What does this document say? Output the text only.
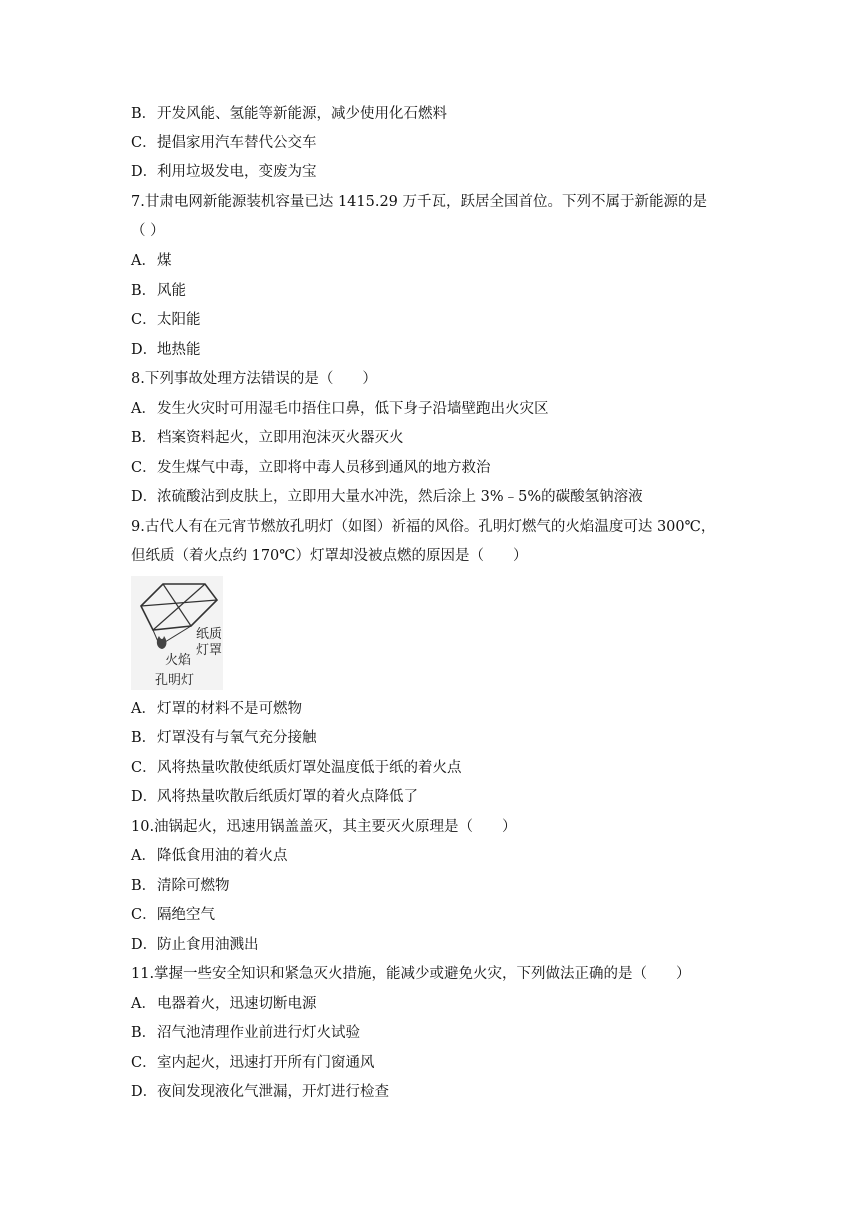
B．开发风能、氢能等新能源，减少使用化石燃料
C．提倡家用汽车替代公交车
D．利用垃圾发电，变废为宝
7.甘肃电网新能源装机容量已达 1415.29 万千瓦，跃居全国首位。下列不属于新能源的是
（ ）
A．煤
B．风能
C．太阳能
D．地热能
8.下列事故处理方法错误的是（　　）
A．发生火灾时可用湿毛巾捂住口鼻，低下身子沿墙壁跑出火灾区
B．档案资料起火，立即用泡沫灭火器灭火
C．发生煤气中毒，立即将中毒人员移到通风的地方救治
D．浓硫酸沾到皮肤上，立即用大量水冲洗，然后涂上 3%﹣5%的碳酸氢钠溶液
9.古代人有在元宵节燃放孔明灯（如图）祈福的风俗。孔明灯燃气的火焰温度可达 300℃，
但纸质（着火点约 170℃）灯罩却没被点燃的原因是（　　）
纸质
灯罩
火焰
孔明灯
A．灯罩的材料不是可燃物
B．灯罩没有与氧气充分接触
C．风将热量吹散使纸质灯罩处温度低于纸的着火点
D．风将热量吹散后纸质灯罩的着火点降低了
10.油锅起火，迅速用锅盖盖灭，其主要灭火原理是（　　）
A．降低食用油的着火点
B．清除可燃物
C．隔绝空气
D．防止食用油溅出
11.掌握一些安全知识和紧急灭火措施，能减少或避免火灾，下列做法正确的是（　　）
A．电器着火，迅速切断电源
B．沼气池清理作业前进行灯火试验
C．室内起火，迅速打开所有门窗通风
D．夜间发现液化气泄漏，开灯进行检查
